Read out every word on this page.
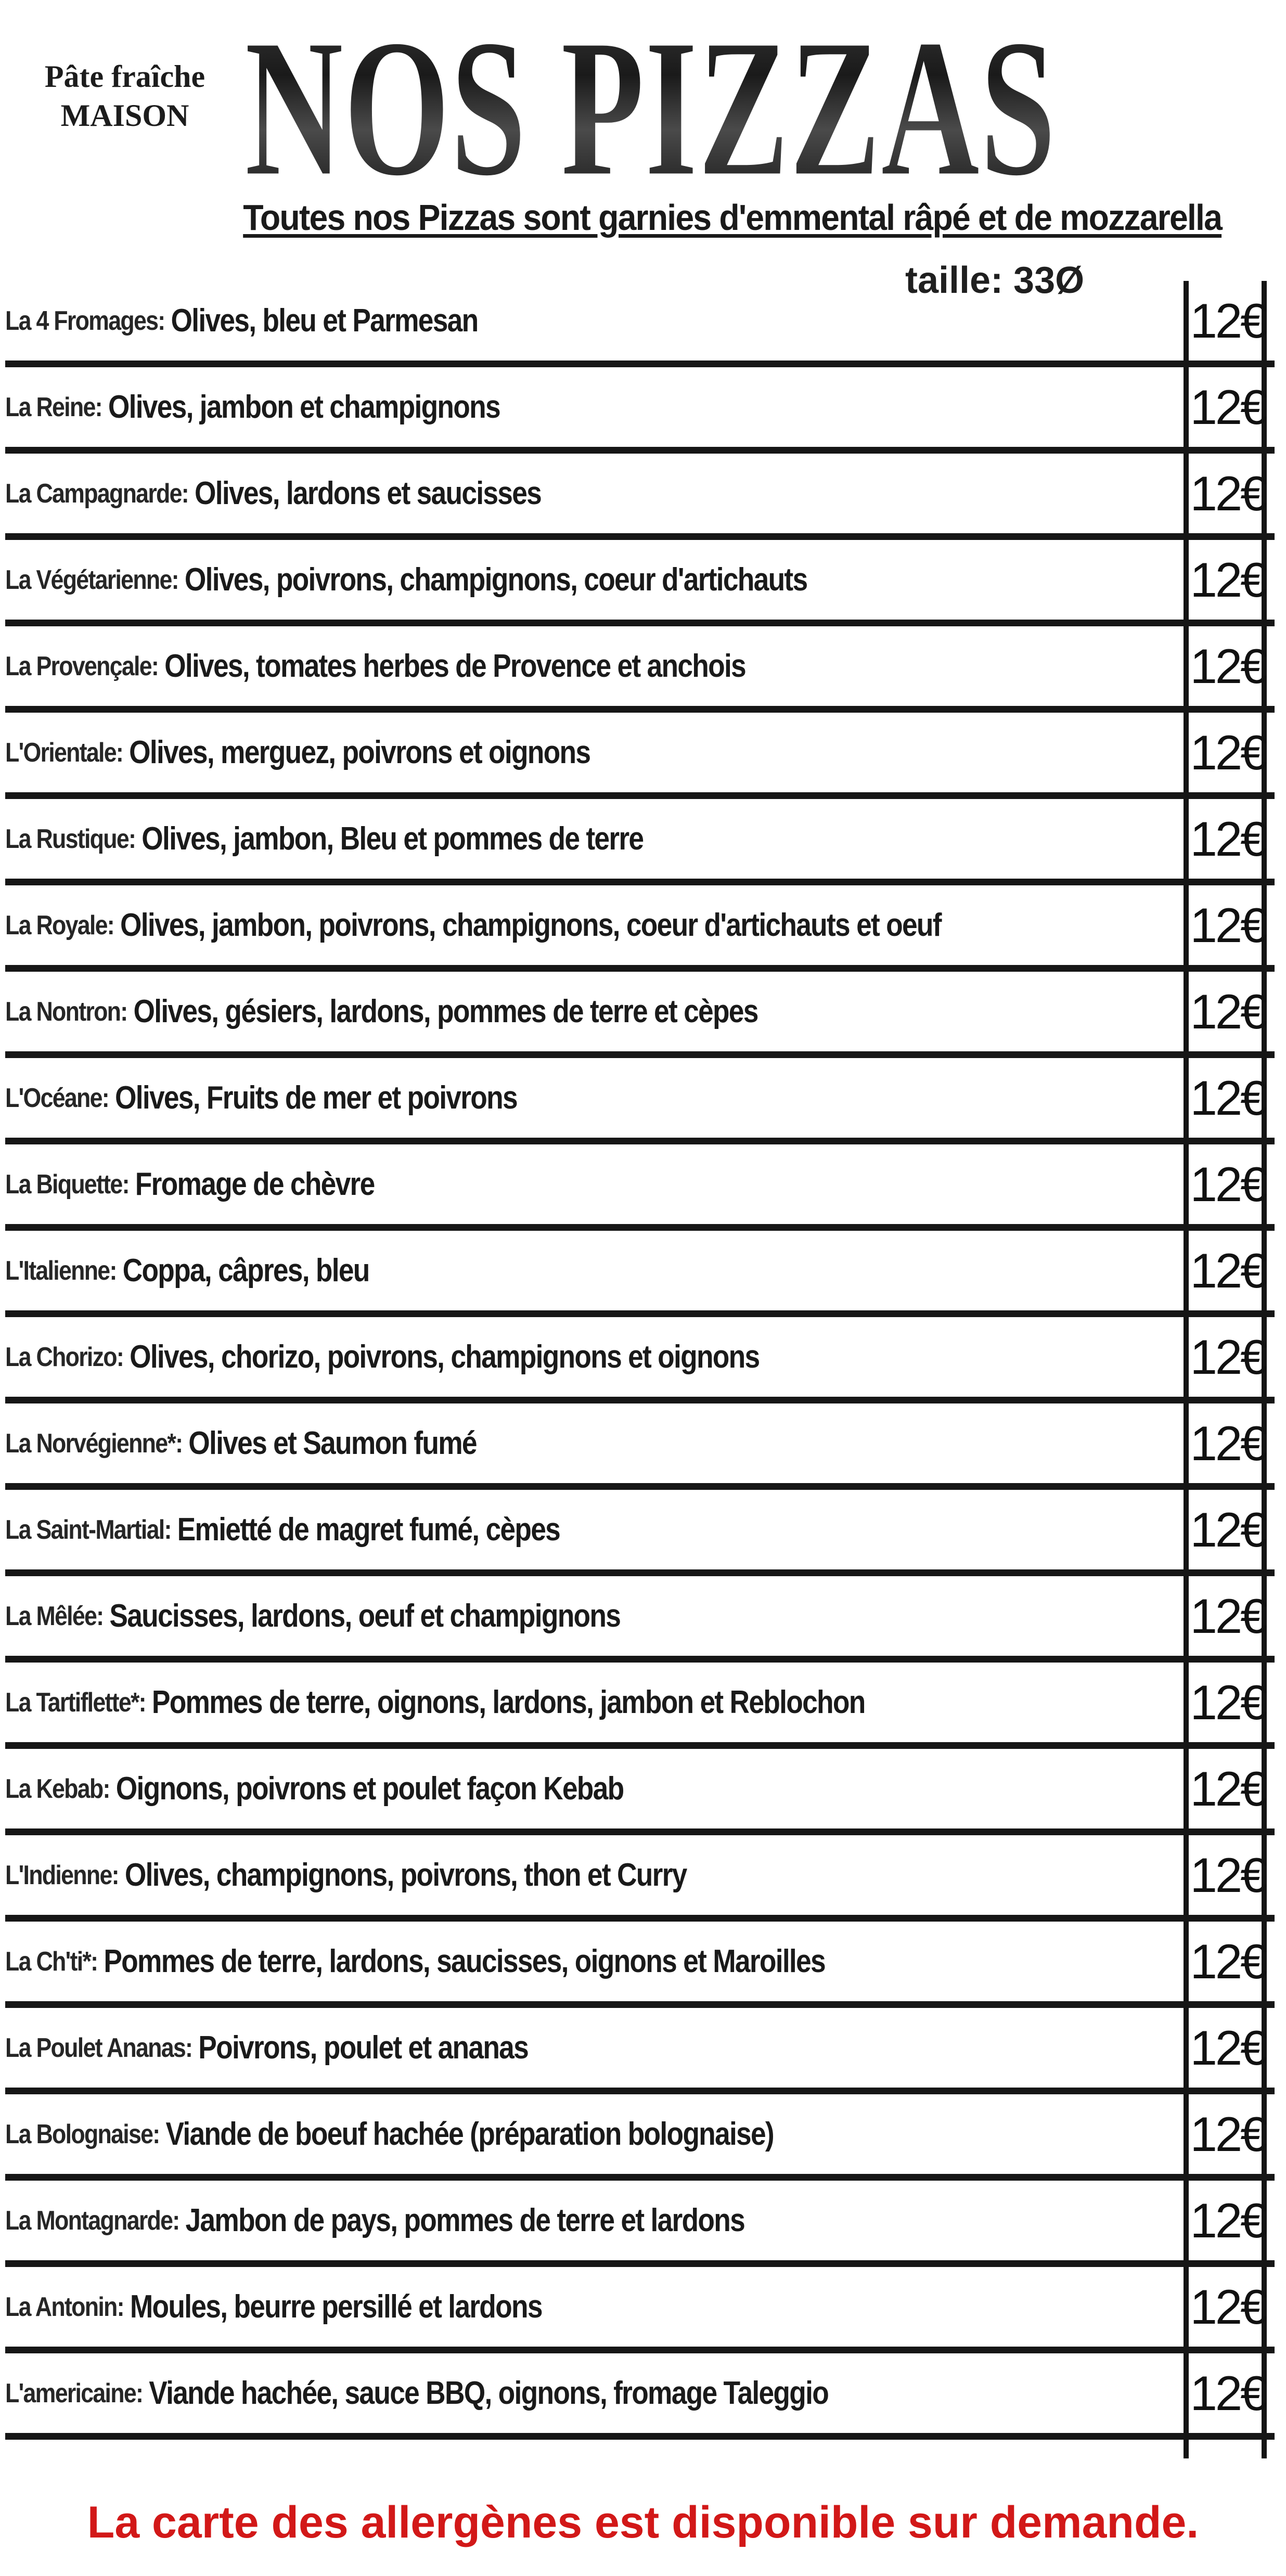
Pâte fraîche
MAISON NOS PIZZAS
Toutes nos Pizzas sont garnies d'emmental râpé et de mozzarella
taille: 33Ø
La 4 Fromages: Olives, bleu et Parmesan
La Reine: Olives, jambon et champignons
La Campagnarde: Olives, lardons et saucisses
La Végétarienne: Olives, poivrons, champignons, coeur d'artichauts
La Provençale: Olives, tomates herbes de Provence et anchois
L'Orientale: Olives, merguez, poivrons et oignons
La Rustique: Olives, jambon, Bleu et pommes de terre
La Royale: Olives, jambon, poivrons, champignons, coeur d'artichauts et oeuf
La Nontron: Olives, gésiers, lardons, pommes de terre et cèpes
L'Océane: Olives, Fruits de mer et poivrons
La Biquette: Fromage de chèvre
L'Italienne: Coppa, câpres, bleu
La Chorizo: Olives, chorizo, poivrons, champignons et oignons
La Norvégienne*: Olives et Saumon fumé
La Saint-Martial: Emietté de magret fumé, cèpes
La Mêlée: Saucisses, lardons, oeuf et champignons
La Tartiflette*: Pommes de terre, oignons, lardons, jambon et Reblochon
La Kebab: Oignons, poivrons et poulet façon Kebab
L'Indienne: Olives, champignons, poivrons, thon et Curry
La Ch'ti*: Pommes de terre, lardons, saucisses, oignons et Maroilles
La Poulet Ananas: Poivrons, poulet et ananas
La Bolognaise: Viande de boeuf hachée (préparation bolognaise)
La Montagnarde: Jambon de pays, pommes de terre et lardons
La Antonin: Moules, beurre persillé et lardons
L'americaine: Viande hachée, sauce BBQ, oignons, fromage Taleggio
12€
12€
12€
12€
12€
12€
12€
12€
12€
12€
12€
12€
12€
12€
12€
12€
12€
12€
12€
12€
12€
12€
12€
12€
12€
La carte des allergènes est disponible sur demande.
